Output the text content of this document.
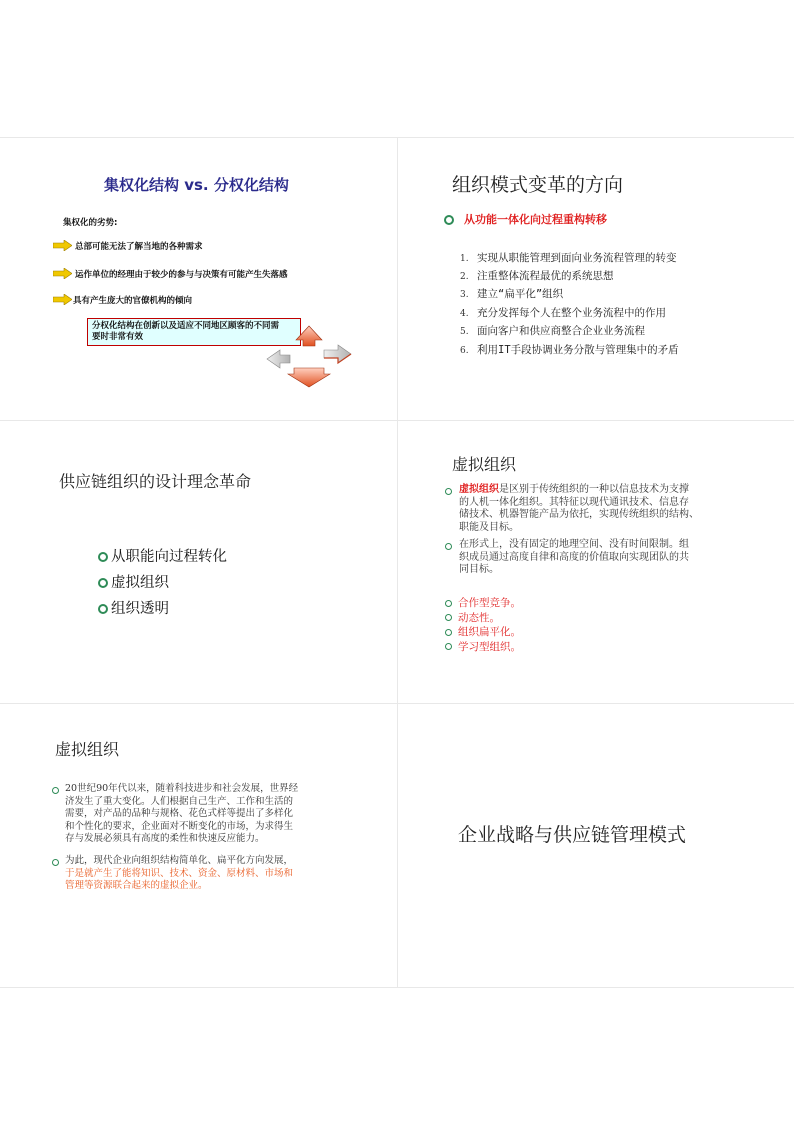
集权化结构 vs. 分权化结构
集权化的劣势:
总部可能无法了解当地的各种需求
运作单位的经理由于较少的参与与决策有可能产生失落感
具有产生庞大的官僚机构的倾向
分权化结构在创新以及适应不同地区顾客的不同需
要时非常有效
组织模式变革的方向
从功能一体化向过程重构转移
1. 实现从职能管理到面向业务流程管理的转变
2. 注重整体流程最优的系统思想
3. 建立“扁平化”组织
4. 充分发挥每个人在整个业务流程中的作用
5. 面向客户和供应商整合企业业务流程
6. 利用IT手段协调业务分散与管理集中的矛盾
供应链组织的设计理念革命
从职能向过程转化
虚拟组织
组织透明
虚拟组织
虚拟组织是区别于传统组织的一种以信息技术为支撑
的人机一体化组织。其特征以现代通讯技术、信息存
储技术、机器智能产品为依托，实现传统组织的结构、
职能及目标。
在形式上，没有固定的地理空间、没有时间限制。组
织成员通过高度自律和高度的价值取向实现团队的共
同目标。
合作型竞争。
动态性。
组织扁平化。
学习型组织。
虚拟组织
20世纪90年代以来，随着科技进步和社会发展，世界经
济发生了重大变化。人们根据自己生产、工作和生活的
需要，对产品的品种与规格、花色式样等提出了多样化
和个性化的要求，企业面对不断变化的市场，为求得生
存与发展必须具有高度的柔性和快速反应能力。
为此，现代企业向组织结构简单化、扁平化方向发展，
于是就产生了能将知识、技术、资金、原材料、市场和
管理等资源联合起来的虚拟企业。
企业战略与供应链管理模式
